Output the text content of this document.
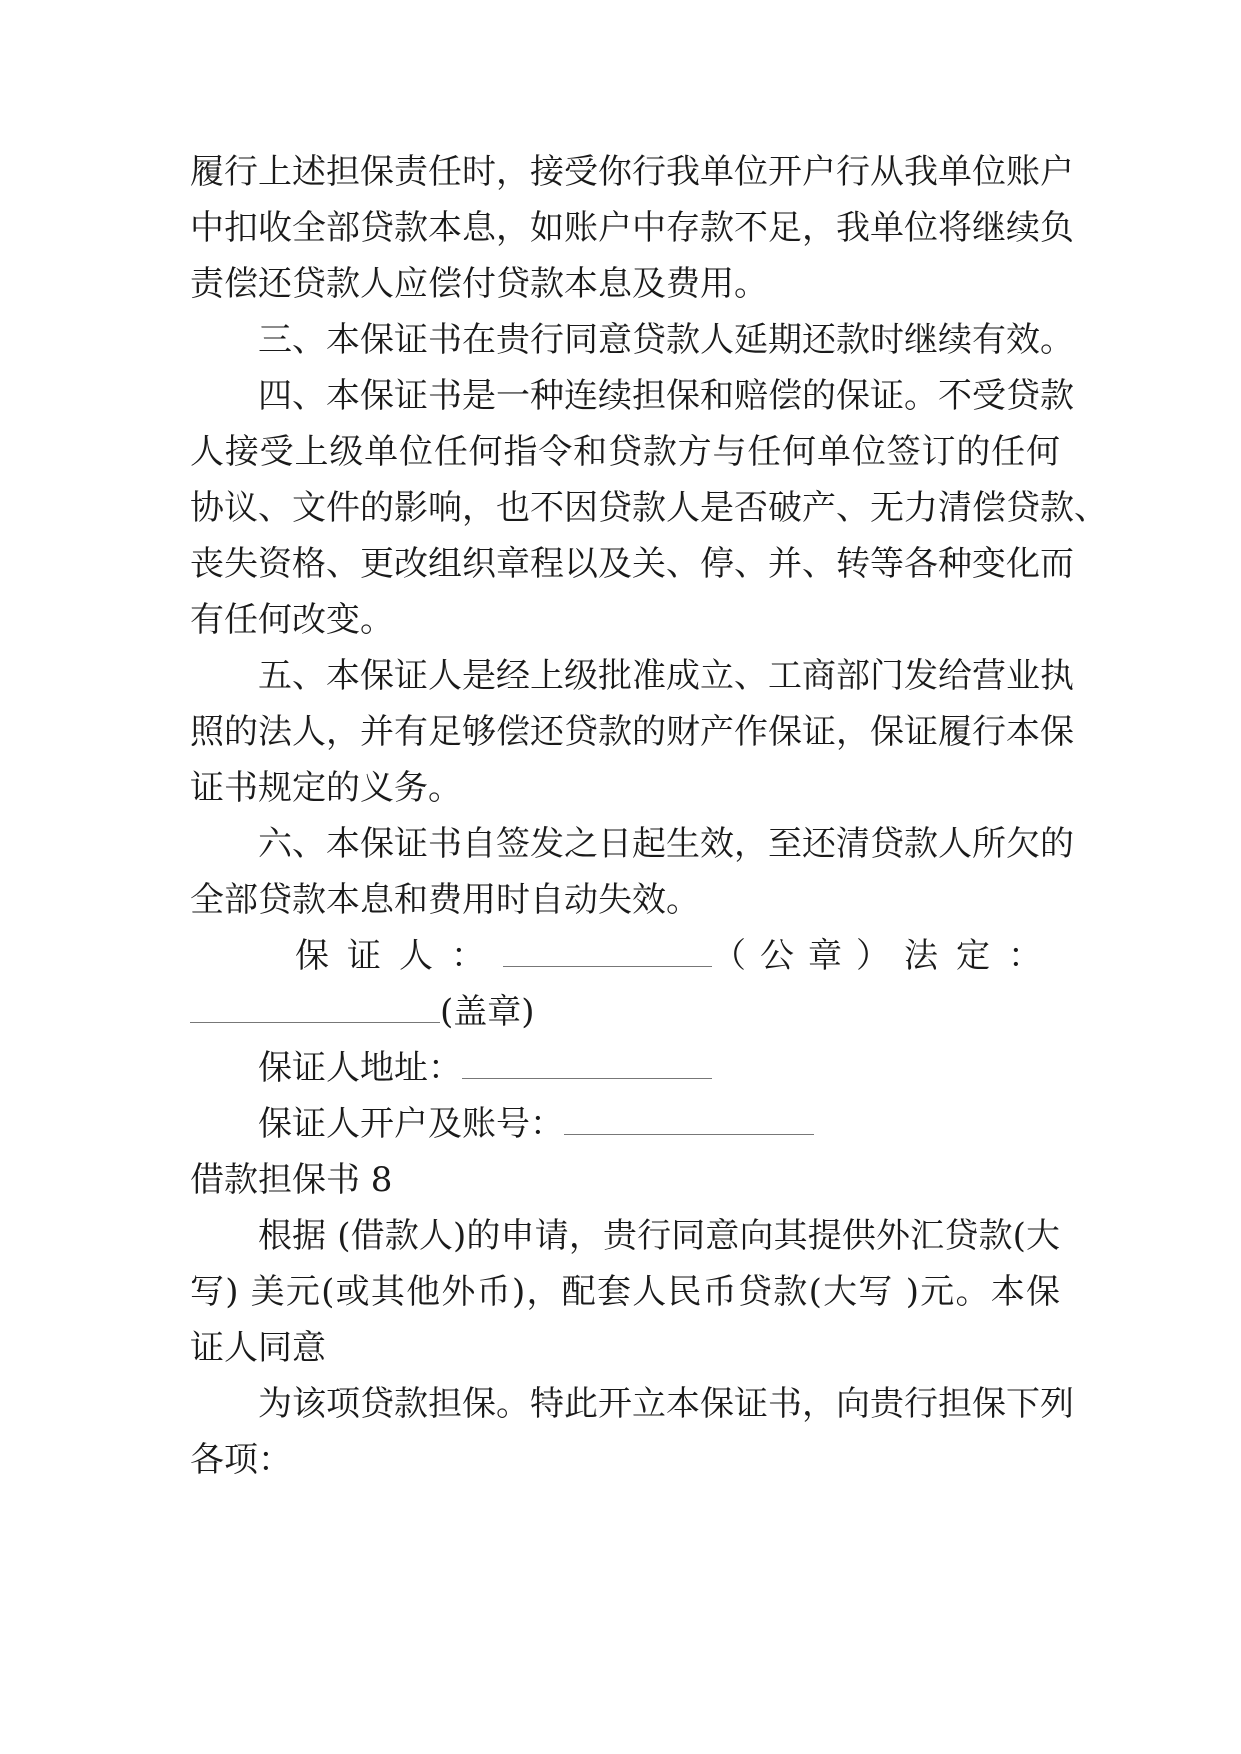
履行上述担保责任时，接受你行我单位开户行从我单位账户
中扣收全部贷款本息，如账户中存款不足，我单位将继续负
责偿还贷款人应偿付贷款本息及费用。
三、本保证书在贵行同意贷款人延期还款时继续有效。
四、本保证书是一种连续担保和赔偿的保证。不受贷款
人接受上级单位任何指令和贷款方与任何单位签订的任何
协议、文件的影响，也不因贷款人是否破产、无力清偿贷款、
丧失资格、更改组织章程以及关、停、并、转等各种变化而
有任何改变。
五、本保证人是经上级批准成立、工商部门发给营业执
照的法人，并有足够偿还贷款的财产作保证，保证履行本保
证书规定的义务。
六、本保证书自签发之日起生效，至还清贷款人所欠的
全部贷款本息和费用时自动失效。
保证人：	（公章） 法定：
(盖章)
保证人地址：
保证人开户及账号：
借款担保书 8
根据 (借款人)的申请，贵行同意向其提供外汇贷款(大
写) 美元(或其他外币)，配套人民币贷款(大写 )元。本保
证人同意
为该项贷款担保。特此开立本保证书，向贵行担保下列
各项：
